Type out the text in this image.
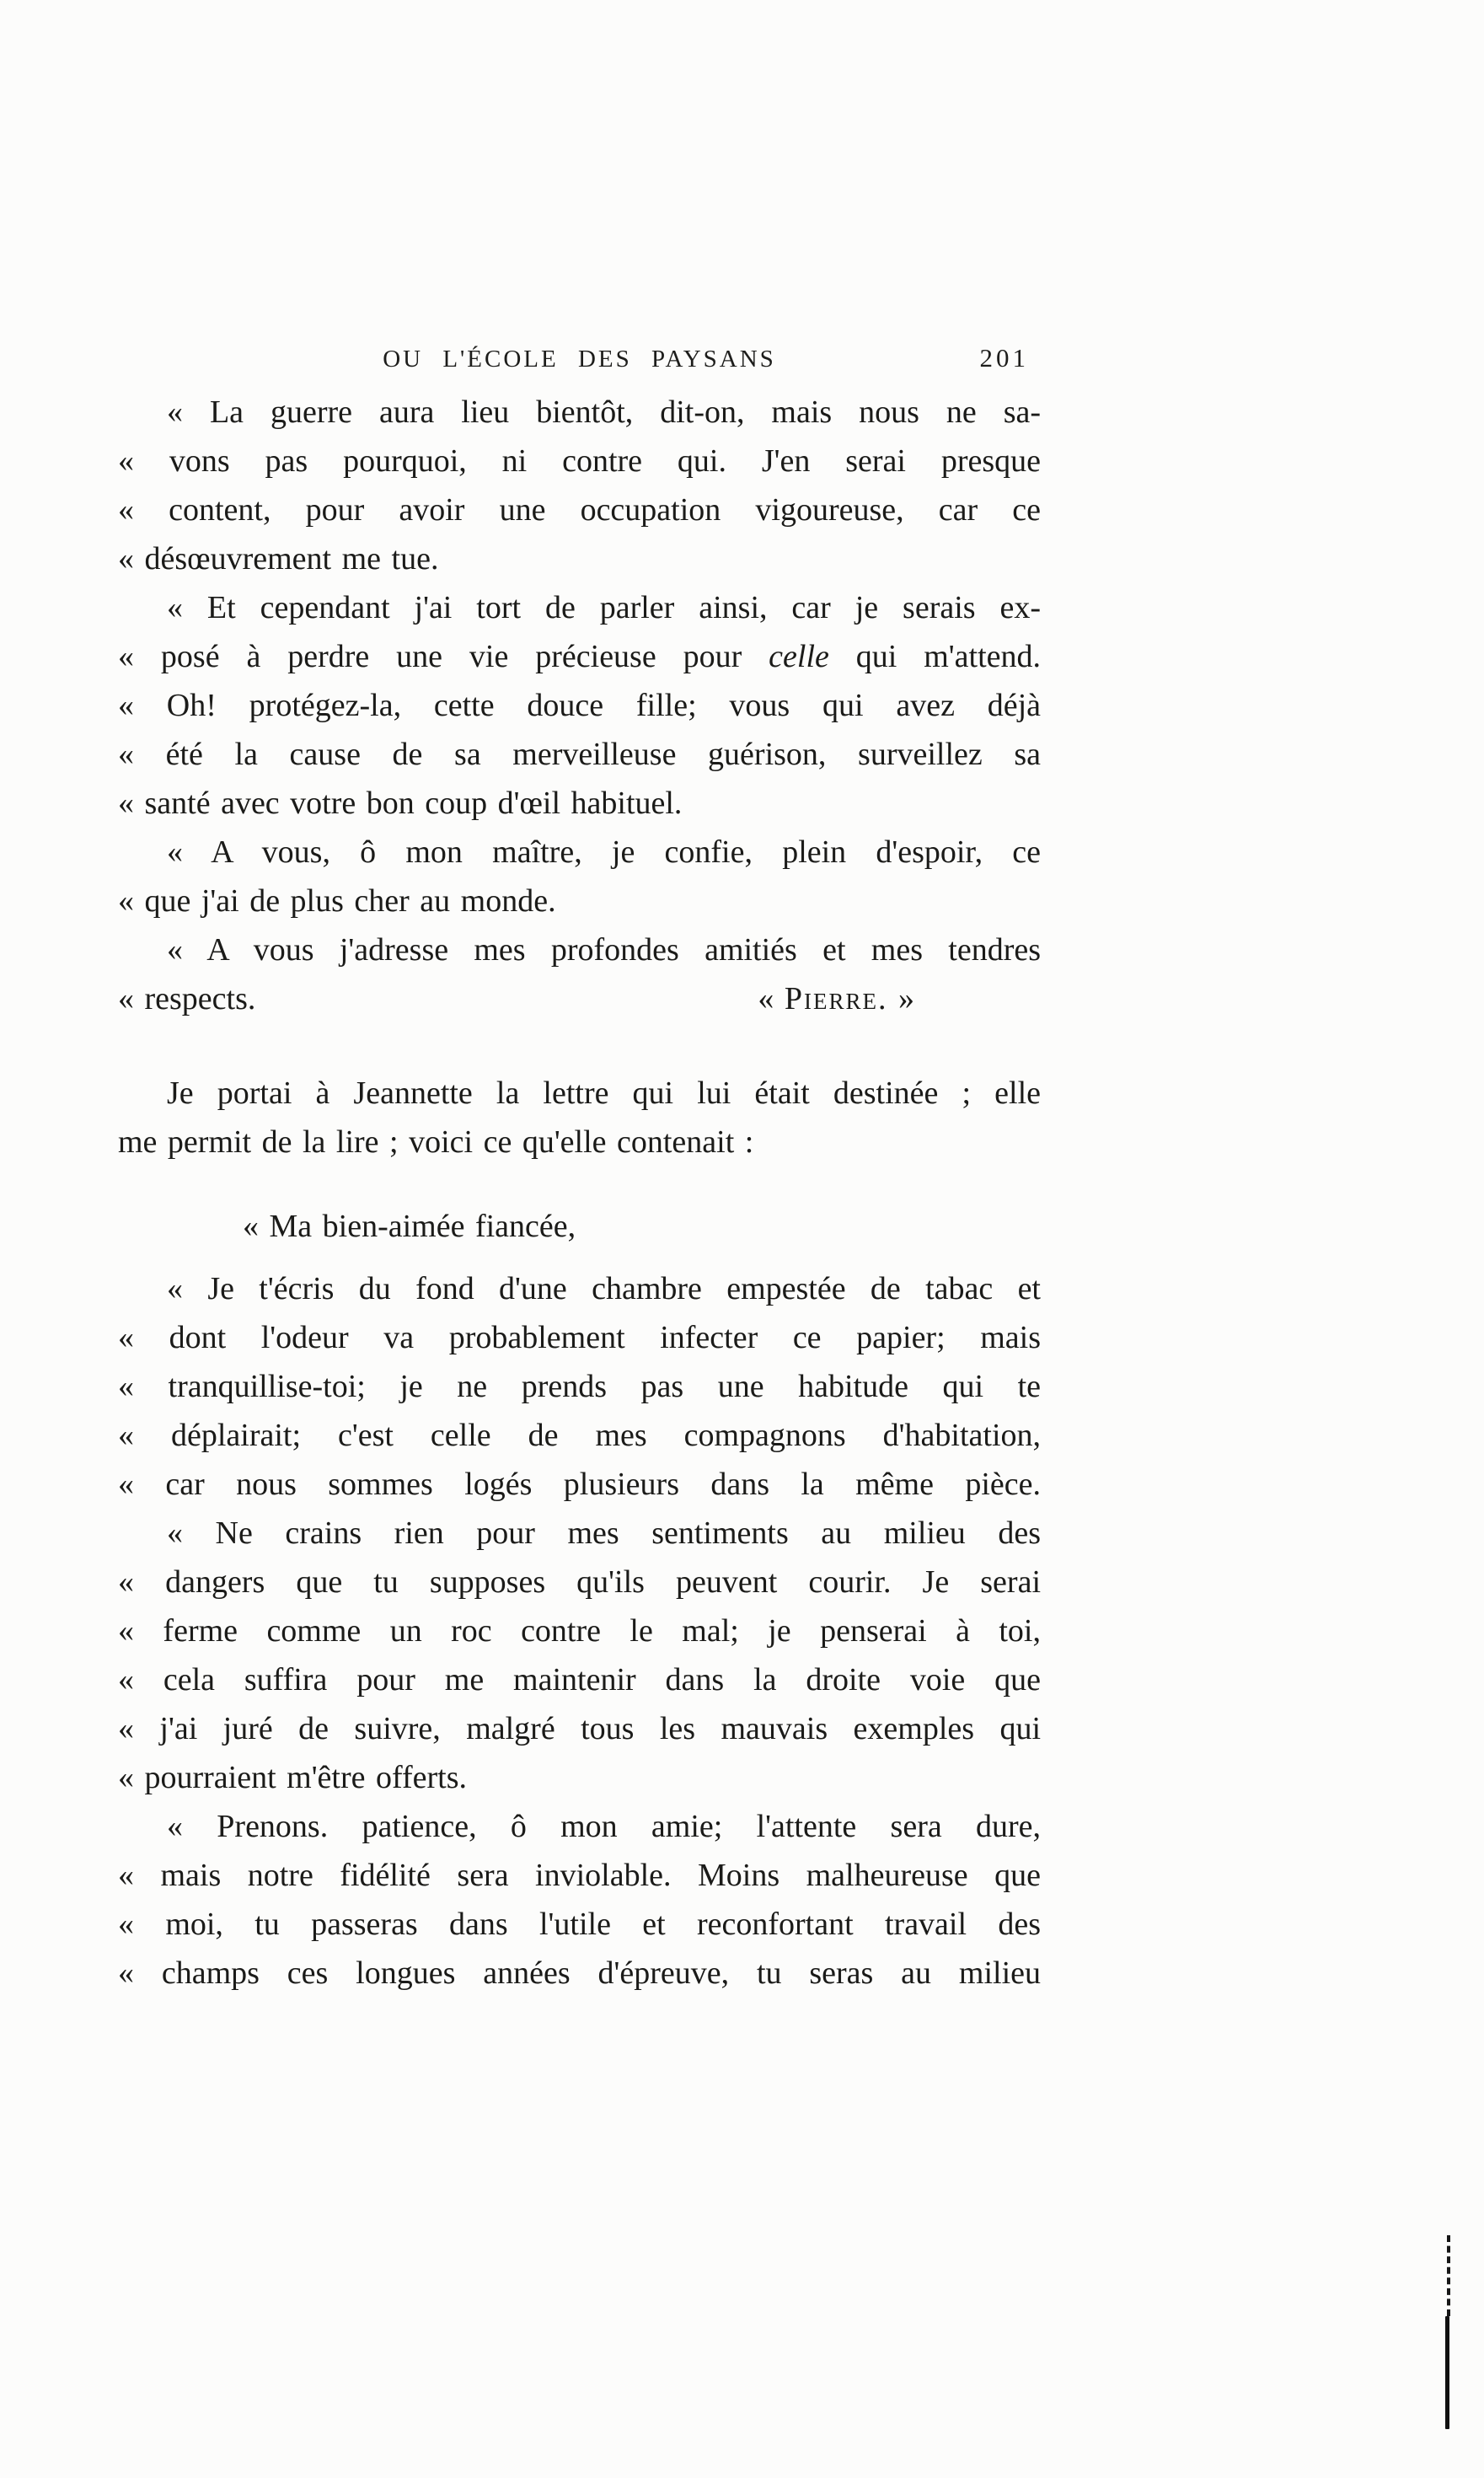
OU L'ÉCOLE DES PAYSANS	201
« La guerre aura lieu bientôt, dit-on, mais nous ne sa-
« vons pas pourquoi, ni contre qui. J'en serai presque
« content, pour avoir une occupation vigoureuse, car ce
« désœuvrement me tue.
« Et cependant j'ai tort de parler ainsi, car je serais ex-
« posé à perdre une vie précieuse pour celle qui m'attend.
« Oh! protégez-la, cette douce fille; vous qui avez déjà
« été la cause de sa merveilleuse guérison, surveillez sa
« santé avec votre bon coup d'œil habituel.
« A vous, ô mon maître, je confie, plein d'espoir, ce
« que j'ai de plus cher au monde.
« A vous j'adresse mes profondes amitiés et mes tendres
« respects.	« Pierre. »
Je portai à Jeannette la lettre qui lui était destinée ; elle
me permit de la lire ; voici ce qu'elle contenait :
« Ma bien-aimée fiancée,
« Je t'écris du fond d'une chambre empestée de tabac et
« dont l'odeur va probablement infecter ce papier; mais
« tranquillise-toi; je ne prends pas une habitude qui te
« déplairait; c'est celle de mes compagnons d'habitation,
« car nous sommes logés plusieurs dans la même pièce.
« Ne crains rien pour mes sentiments au milieu des
« dangers que tu supposes qu'ils peuvent courir. Je serai
« ferme comme un roc contre le mal; je penserai à toi,
« cela suffira pour me maintenir dans la droite voie que
« j'ai juré de suivre, malgré tous les mauvais exemples qui
« pourraient m'être offerts.
« Prenons. patience, ô mon amie; l'attente sera dure,
« mais notre fidélité sera inviolable. Moins malheureuse que
« moi, tu passeras dans l'utile et reconfortant travail des
« champs ces longues années d'épreuve, tu seras au milieu
